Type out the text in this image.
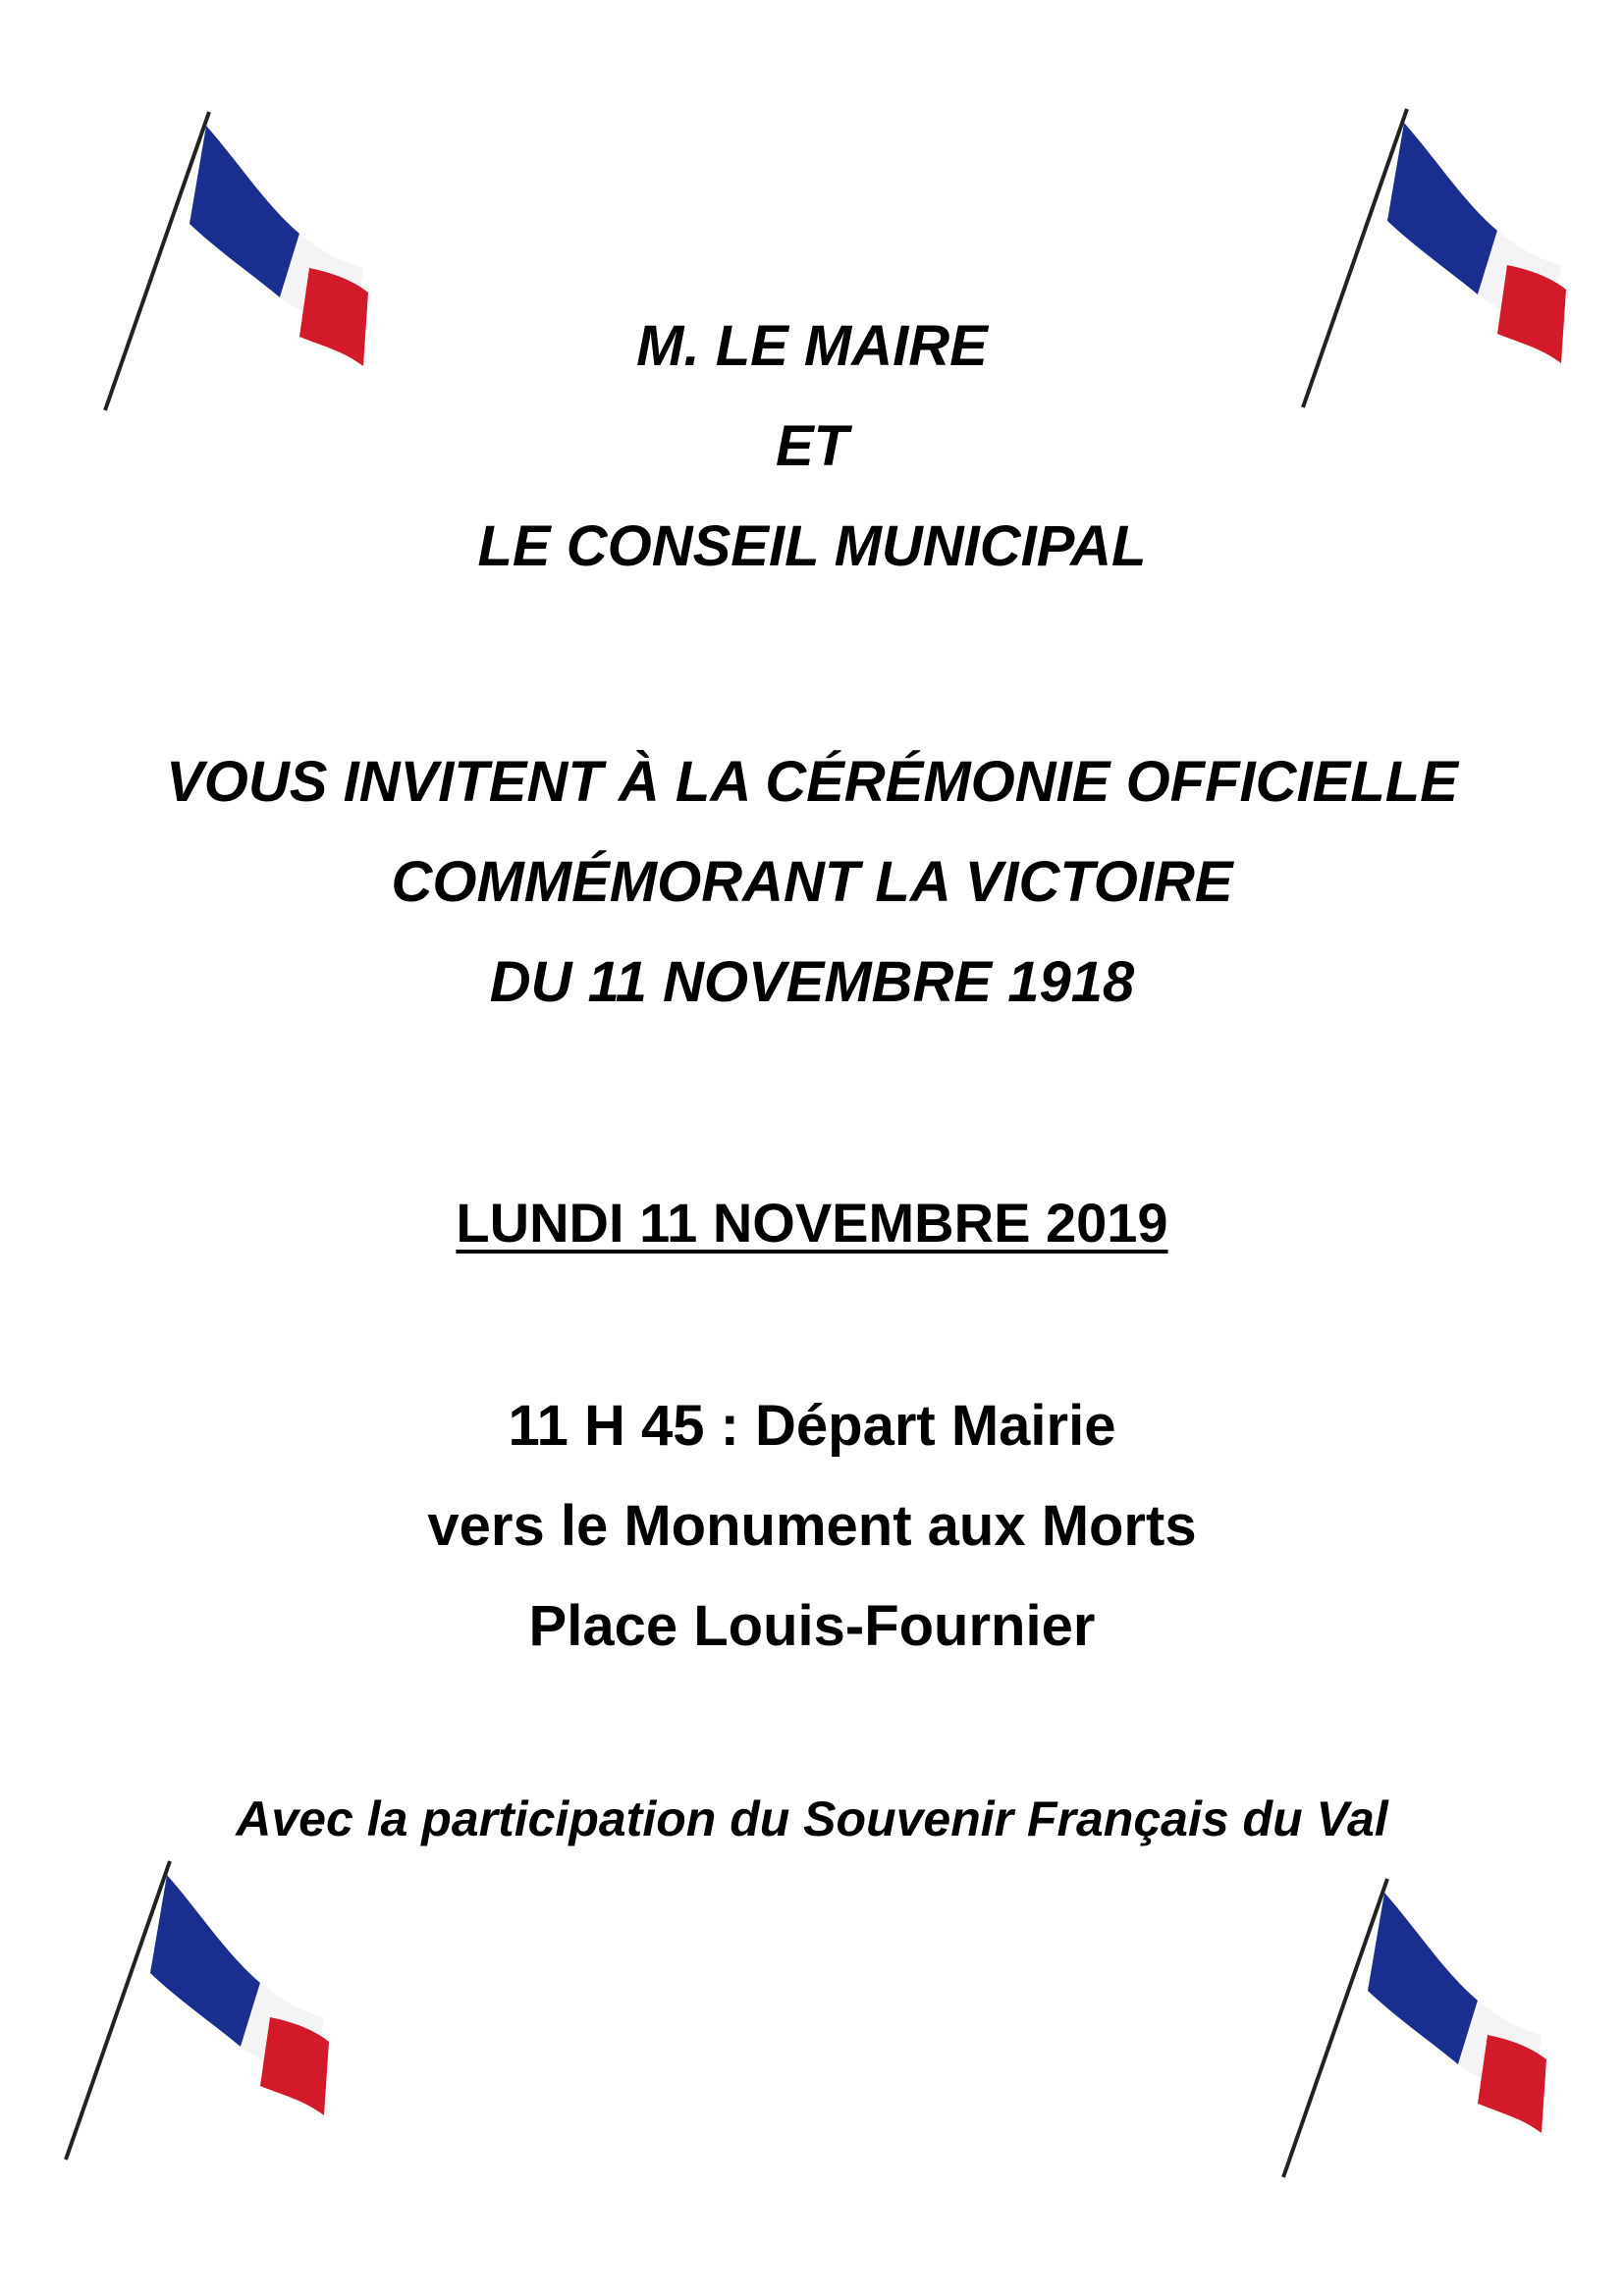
M. LE MAIRE
ET
LE CONSEIL MUNICIPAL
VOUS INVITENT À LA CÉRÉMONIE OFFICIELLE
COMMÉMORANT LA VICTOIRE
DU 11 NOVEMBRE 1918
LUNDI 11 NOVEMBRE 2019
11 H 45 : Départ Mairie
vers le Monument aux Morts
Place Louis-Fournier
Avec la participation du Souvenir Français du Val
